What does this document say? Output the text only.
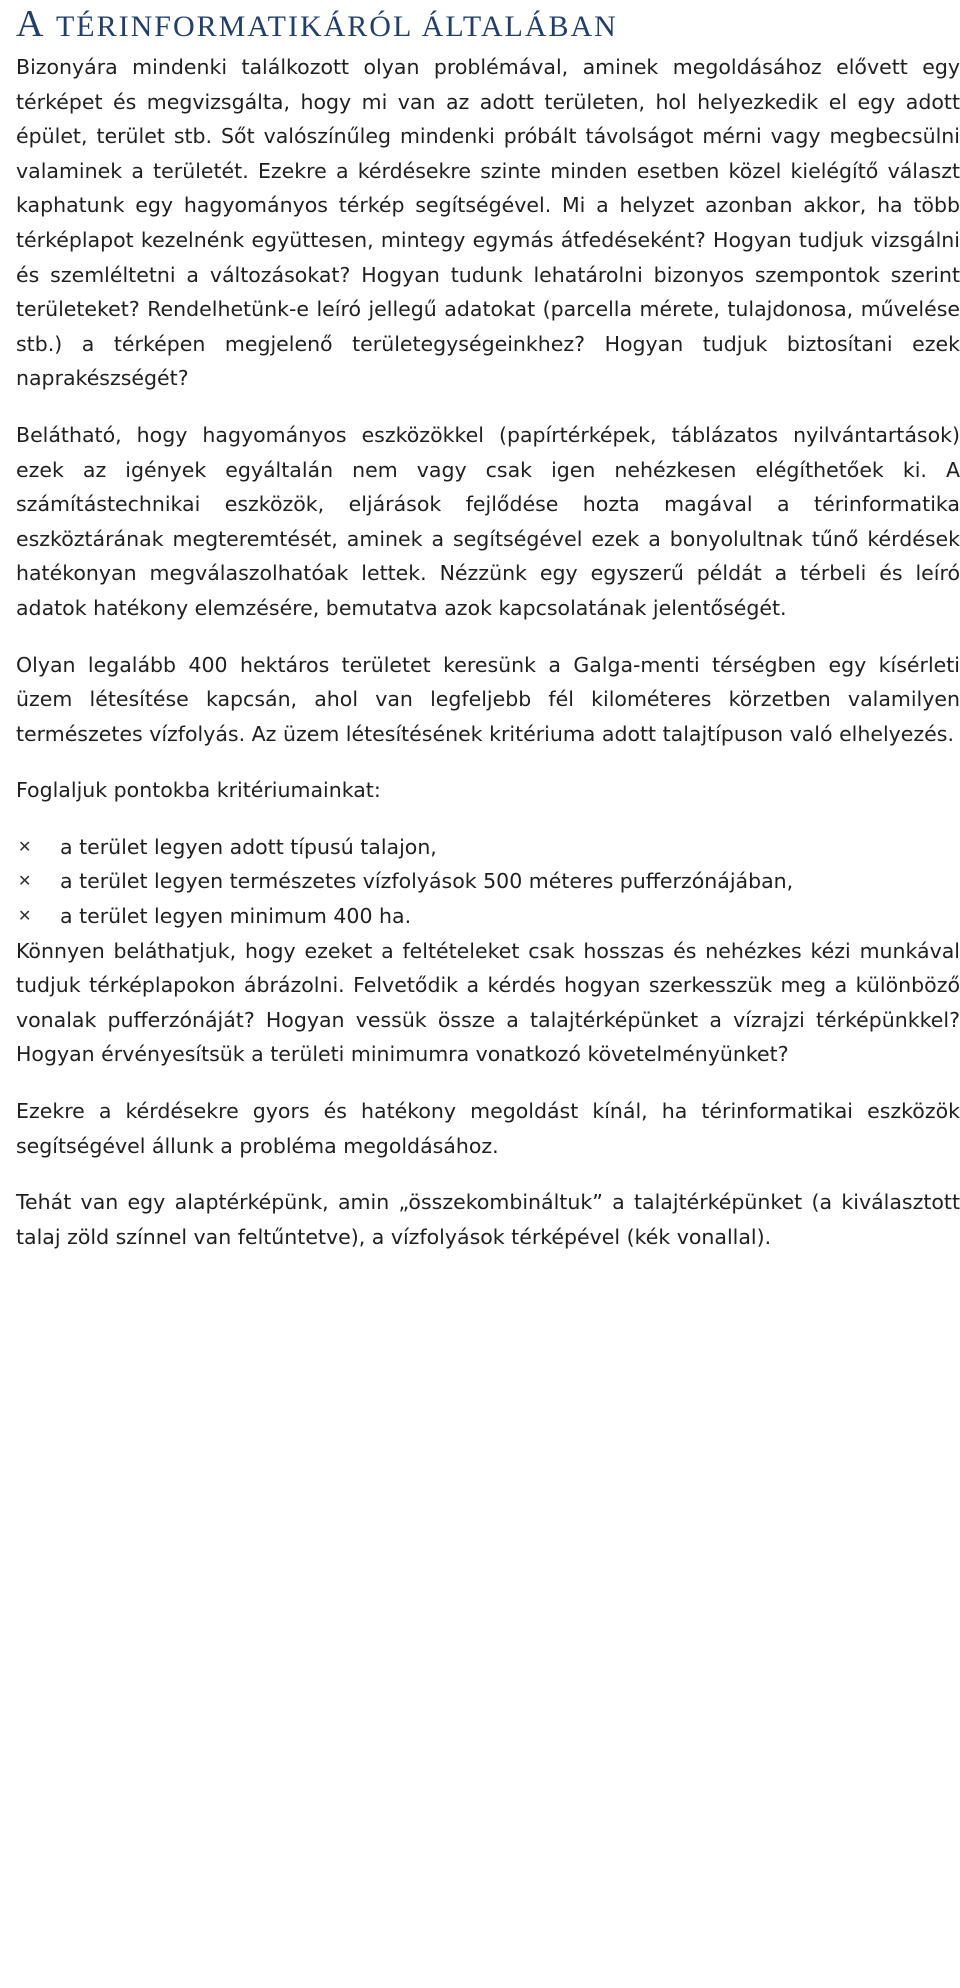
A TÉRINFORMATIKÁRÓL ÁLTALÁBAN

Bizonyára mindenki találkozott olyan problémával, aminek megoldásához elővett egy térképet és megvizsgálta, hogy mi van az adott területen, hol helyezkedik el egy adott épület, terület stb. Sőt valószínűleg mindenki próbált távolságot mérni vagy megbecsülni valaminek a területét. Ezekre a kérdésekre szinte minden esetben közel kielégítő választ kaphatunk egy hagyományos térkép segítségével. Mi a helyzet azonban akkor, ha több térképlapot kezelnénk együttesen, mintegy egymás átfedéseként? Hogyan tudjuk vizsgálni és szemléltetni a változásokat? Hogyan tudunk lehatárolni bizonyos szempontok szerint területeket? Rendelhetünk-e leíró jellegű adatokat (parcella mérete, tulajdonosa, művelése stb.) a térképen megjelenő területegységeinkhez? Hogyan tudjuk biztosítani ezek naprakészségét?

Belátható, hogy hagyományos eszközökkel (papírtérképek, táblázatos nyilvántartások) ezek az igények egyáltalán nem vagy csak igen nehézkesen elégíthetőek ki. A számítástechnikai eszközök, eljárások fejlődése hozta magával a térinformatika eszköztárának megteremtését, aminek a segítségével ezek a bonyolultnak tűnő kérdések hatékonyan megválaszolhatóak lettek. Nézzünk egy egyszerű példát a térbeli és leíró adatok hatékony elemzésére, bemutatva azok kapcsolatának jelentőségét.

Olyan legalább 400 hektáros területet keresünk a Galga-menti térségben egy kísérleti üzem létesítése kapcsán, ahol van legfeljebb fél kilométeres körzetben valamilyen természetes vízfolyás. Az üzem létesítésének kritériuma adott talajtípuson való elhelyezés.

Foglaljuk pontokba kritériumainkat:

✕ a terület legyen adott típusú talajon,
✕ a terület legyen természetes vízfolyások 500 méteres pufferzónájában,
✕ a terület legyen minimum 400 ha.

Könnyen beláthatjuk, hogy ezeket a feltételeket csak hosszas és nehézkes kézi munkával tudjuk térképlapokon ábrázolni. Felvetődik a kérdés hogyan szerkesszük meg a különböző vonalak pufferzónáját? Hogyan vessük össze a talajtérképünket a vízrajzi térképünkkel? Hogyan érvényesítsük a területi minimumra vonatkozó követelményünket?

Ezekre a kérdésekre gyors és hatékony megoldást kínál, ha térinformatikai eszközök segítségével állunk a probléma megoldásához.

Tehát van egy alaptérképünk, amin „összekombináltuk” a talajtérképünket (a kiválasztott talaj zöld színnel van feltűntetve), a vízfolyások térképével (kék vonallal).
